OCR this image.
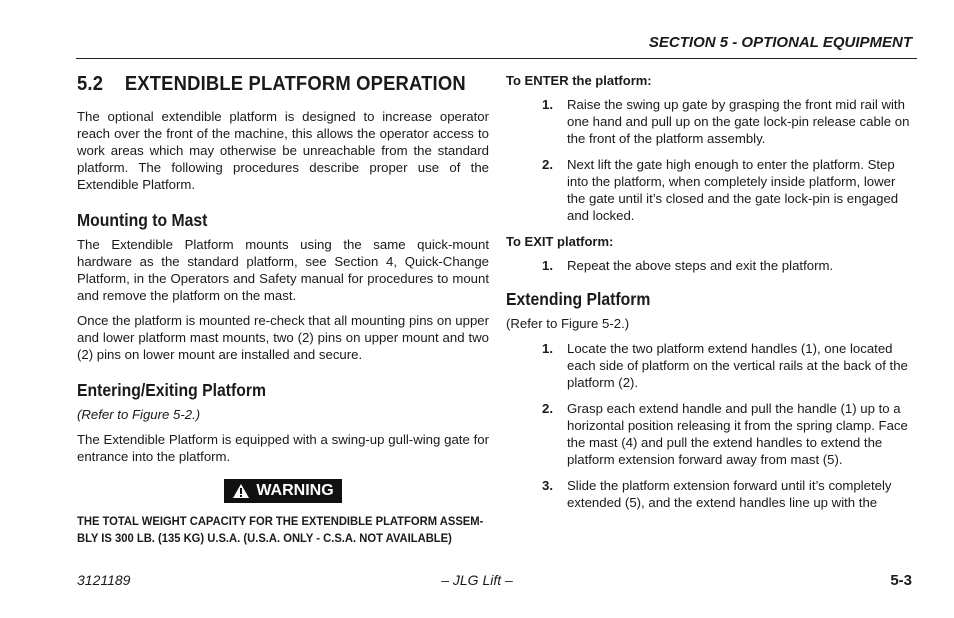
SECTION 5 - OPTIONAL EQUIPMENT
5.2 EXTENDIBLE PLATFORM OPERATION

The optional extendible platform is designed to increase operator reach over the front of the machine, this allows the operator access to work areas which may otherwise be unreachable from the standard platform. The following procedures describe proper use of the Extendible Platform.

Mounting to Mast

The Extendible Platform mounts using the same quick-mount hardware as the standard platform, see Section 4, Quick-Change Platform, in the Operators and Safety manual for procedures to mount and remove the platform on the mast.

Once the platform is mounted re-check that all mounting pins on upper and lower platform mast mounts, two (2) pins on upper mount and two (2) pins on lower mount are installed and secure.

Entering/Exiting Platform

(Refer to Figure 5-2.)

The Extendible Platform is equipped with a swing-up gull-wing gate for entrance into the platform.

WARNING
THE TOTAL WEIGHT CAPACITY FOR THE EXTENDIBLE PLATFORM ASSEM-
BLY IS 300 LB. (135 KG) U.S.A. (U.S.A. ONLY - C.S.A. NOT AVAILABLE)
To ENTER the platform:
1. Raise the swing up gate by grasping the front mid rail with one hand and pull up on the gate lock-pin release cable on the front of the platform assembly.
2. Next lift the gate high enough to enter the platform. Step into the platform, when completely inside platform, lower the gate until it’s closed and the gate lock-pin is engaged and locked.
To EXIT platform:
1. Repeat the above steps and exit the platform.
Extending Platform

(Refer to Figure 5-2.)

1. Locate the two platform extend handles (1), one located each side of platform on the vertical rails at the back of the platform (2).
2. Grasp each extend handle and pull the handle (1) up to a horizontal position releasing it from the spring clamp. Face the mast (4) and pull the extend handles to extend the platform extension forward away from mast (5).
3. Slide the platform extension forward until it’s completely extended (5), and the extend handles line up with the
3121189	– JLG Lift –	5-3
